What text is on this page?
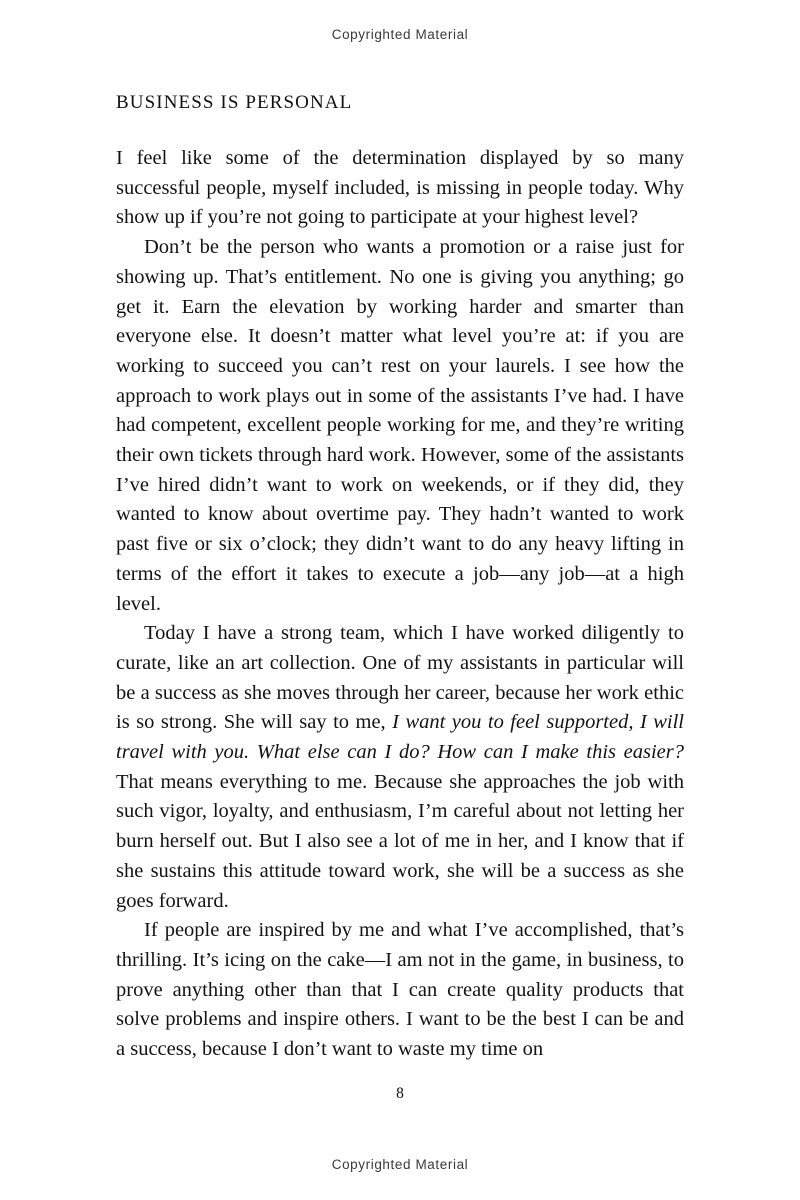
Copyrighted Material
BUSINESS IS PERSONAL

I feel like some of the determination displayed by so many successful people, myself included, is missing in people today. Why show up if you’re not going to participate at your highest level?

Don’t be the person who wants a promotion or a raise just for showing up. That’s entitlement. No one is giving you anything; go get it. Earn the elevation by working harder and smarter than everyone else. It doesn’t matter what level you’re at: if you are working to succeed you can’t rest on your laurels. I see how the approach to work plays out in some of the assistants I’ve had. I have had competent, excellent people working for me, and they’re writing their own tickets through hard work. However, some of the assistants I’ve hired didn’t want to work on weekends, or if they did, they wanted to know about overtime pay. They hadn’t wanted to work past five or six o’clock; they didn’t want to do any heavy lifting in terms of the effort it takes to execute a job—any job—at a high level.

Today I have a strong team, which I have worked diligently to curate, like an art collection. One of my assistants in particular will be a success as she moves through her career, because her work ethic is so strong. She will say to me, I want you to feel supported, I will travel with you. What else can I do? How can I make this easier? That means everything to me. Because she approaches the job with such vigor, loyalty, and enthusiasm, I’m careful about not letting her burn herself out. But I also see a lot of me in her, and I know that if she sustains this attitude toward work, she will be a success as she goes forward.

If people are inspired by me and what I’ve accomplished, that’s thrilling. It’s icing on the cake—I am not in the game, in business, to prove anything other than that I can create quality products that solve problems and inspire others. I want to be the best I can be and a success, because I don’t want to waste my time on

8
Copyrighted Material
